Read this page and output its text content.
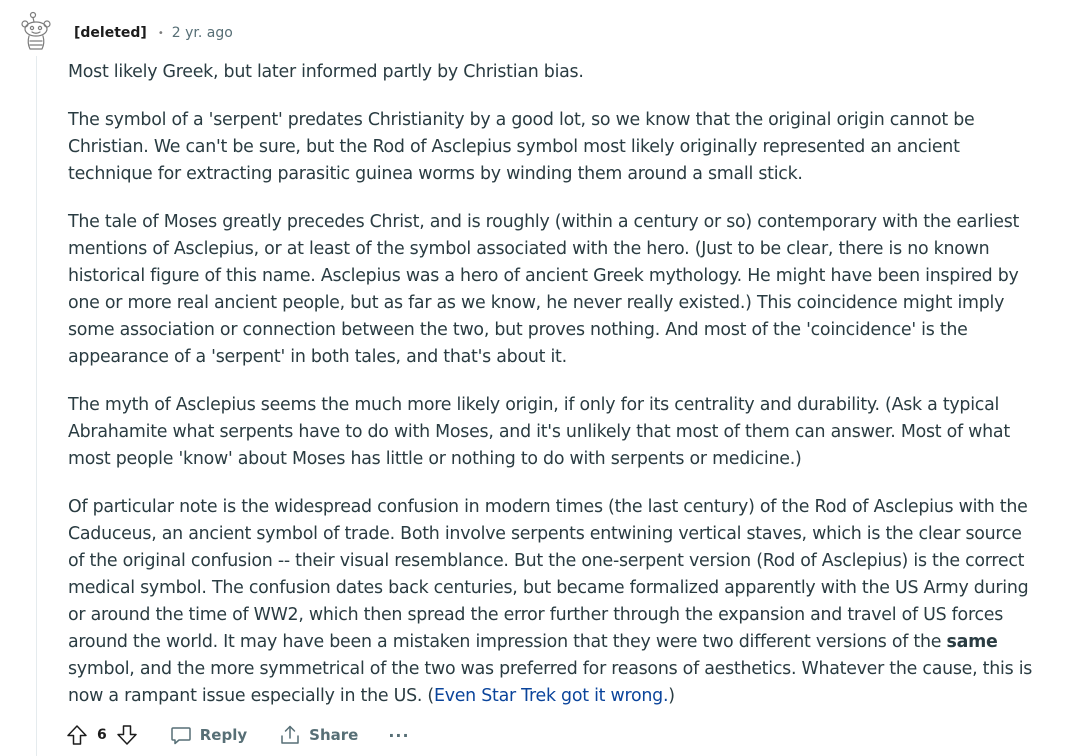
[deleted] • 2 yr. ago

Most likely Greek, but later informed partly by Christian bias.

The symbol of a 'serpent' predates Christianity by a good lot, so we know that the original origin cannot be Christian. We can't be sure, but the Rod of Asclepius symbol most likely originally represented an ancient technique for extracting parasitic guinea worms by winding them around a small stick.

The tale of Moses greatly precedes Christ, and is roughly (within a century or so) contemporary with the earliest mentions of Asclepius, or at least of the symbol associated with the hero. (Just to be clear, there is no known historical figure of this name. Asclepius was a hero of ancient Greek mythology. He might have been inspired by one or more real ancient people, but as far as we know, he never really existed.) This coincidence might imply some association or connection between the two, but proves nothing. And most of the 'coincidence' is the appearance of a 'serpent' in both tales, and that's about it.

The myth of Asclepius seems the much more likely origin, if only for its centrality and durability. (Ask a typical Abrahamite what serpents have to do with Moses, and it's unlikely that most of them can answer. Most of what most people 'know' about Moses has little or nothing to do with serpents or medicine.)

Of particular note is the widespread confusion in modern times (the last century) of the Rod of Asclepius with the Caduceus, an ancient symbol of trade. Both involve serpents entwining vertical staves, which is the clear source of the original confusion -- their visual resemblance. But the one-serpent version (Rod of Asclepius) is the correct medical symbol. The confusion dates back centuries, but became formalized apparently with the US Army during or around the time of WW2, which then spread the error further through the expansion and travel of US forces around the world. It may have been a mistaken impression that they were two different versions of the same symbol, and the more symmetrical of the two was preferred for reasons of aesthetics. Whatever the cause, this is now a rampant issue especially in the US. (Even Star Trek got it wrong.)

6	Reply	Share ···
